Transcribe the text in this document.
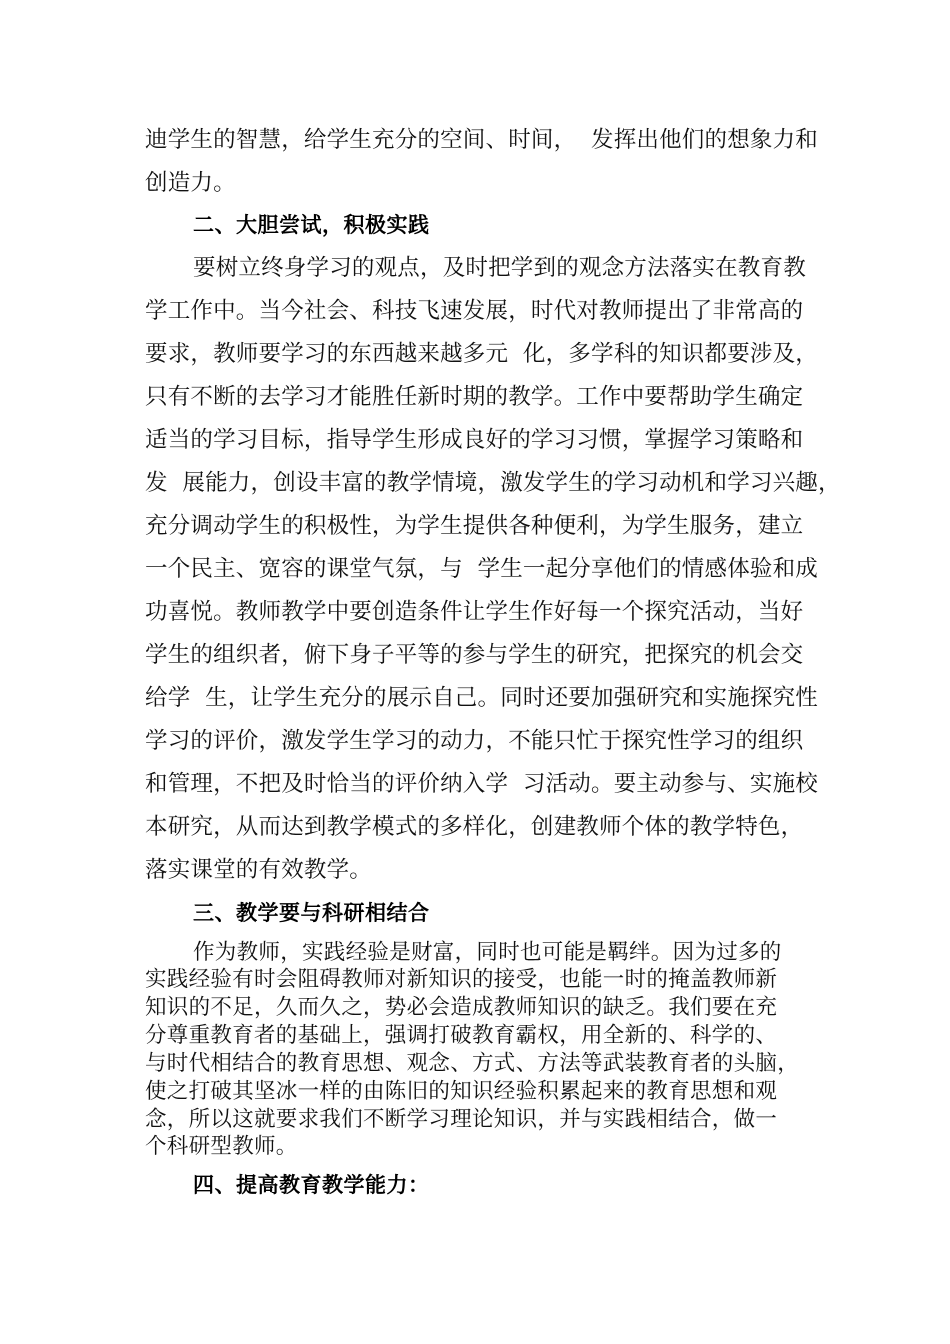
迪学生的智慧，给学生充分的空间、时间，  发挥出他们的想象力和
创造力。
二、大胆尝试，积极实践
要树立终身学习的观点，及时把学到的观念方法落实在教育教
学工作中。当今社会、科技飞速发展，时代对教师提出了非常高的
要求，教师要学习的东西越来越多元  化，多学科的知识都要涉及，
只有不断的去学习才能胜任新时期的教学。工作中要帮助学生确定
适当的学习目标，指导学生形成良好的学习习惯，掌握学习策略和
发  展能力，创设丰富的教学情境，激发学生的学习动机和学习兴趣，
充分调动学生的积极性，为学生提供各种便利，为学生服务，建立
一个民主、宽容的课堂气氛，与  学生一起分享他们的情感体验和成
功喜悦。教师教学中要创造条件让学生作好每一个探究活动，当好
学生的组织者，俯下身子平等的参与学生的研究，把探究的机会交
给学  生，让学生充分的展示自己。同时还要加强研究和实施探究性
学习的评价，激发学生学习的动力，不能只忙于探究性学习的组织
和管理，不把及时恰当的评价纳入学  习活动。要主动参与、实施校
本研究，从而达到教学模式的多样化，创建教师个体的教学特色，
落实课堂的有效教学。
三、教学要与科研相结合
作为教师，实践经验是财富，同时也可能是羁绊。因为过多的
实践经验有时会阻碍教师对新知识的接受，也能一时的掩盖教师新
知识的不足，久而久之，势必会造成教师知识的缺乏。我们要在充
分尊重教育者的基础上，强调打破教育霸权，用全新的、科学的、
与时代相结合的教育思想、观念、方式、方法等武装教育者的头脑，
使之打破其坚冰一样的由陈旧的知识经验积累起来的教育思想和观
念，所以这就要求我们不断学习理论知识，并与实践相结合，做一
个科研型教师。
四、提高教育教学能力：
